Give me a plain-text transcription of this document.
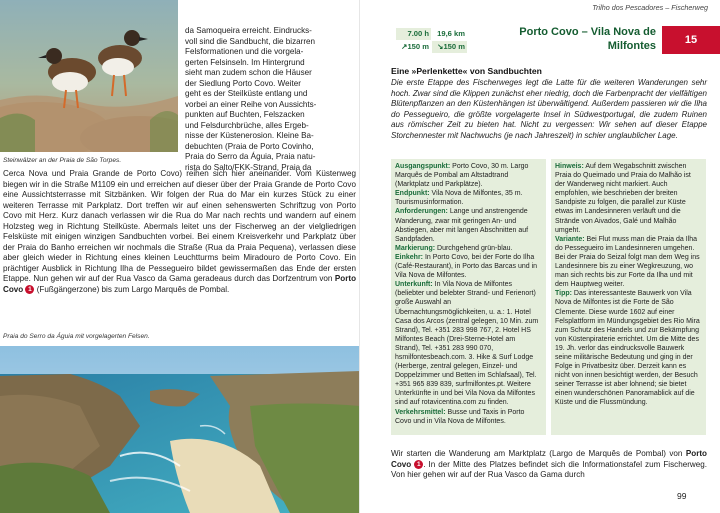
Steinwälzer an der Praia de São Torpes.

da Samoqueira erreicht. Eindrucks-

voll sind die Sandbucht, die bizarren

Felsformationen und die vorgela-

gerten Felsinseln. Im Hintergrund

sieht man zudem schon die Häuser

der Siedlung Porto Covo. Weiter

geht es der Steilküste entlang und

vorbei an einer Reihe von Aussichts-

punkten auf Buchten, Felszacken

und Felsdurchbrüche, alles Ergeb-

nisse der Küstenerosion. Kleine Ba-

debuchten (Praia de Porto Covinho,

Praia do Serro da Águia, Praia natu-

rista do Salto/FKK-Strand, Praia da

Cerca Nova und Praia Grande de Porto Covo) reihen sich hier aneinander. Vom Küstenweg biegen wir in die Straße M1109 ein und erreichen auf dieser über der Praia Grande de Porto Covo eine Aussichtsterrasse mit Sitzbänken. Wir folgen der Rua do Mar ein kurzes Stück zu einer weiteren Terrasse mit Parkplatz. Dort treffen wir auf einen sehenswerten Schriftzug von Porto Covo mit Herz. Kurz danach verlassen wir die Rua do Mar nach rechts und wandern auf einem Holzsteg weg in Richtung Steilküste. Abermals leitet uns der Fischerweg an der vielgliedrigen Felsküste mit einigen winzigen Sandbuchten vorbei. Bei einem Kreisverkehr und Parkplatz über der Praia do Banho erreichen wir nochmals die Straße (Rua da Praia Pequena), verlassen diese aber gleich wieder in Richtung eines kleinen Leuchtturms beim Miradouro de Porto Covo. Ein prächtiger Ausblick in Richtung Ilha de Pessegueiro bildet gewissermaßen das Ende der ersten Etappe. Nun gehen wir auf der Rua Vasco da Gama geradeaus durch das Dorfzentrum von Porto Covo 1 (Fußgängerzone) bis zum Largo Marquês de Pombal.
Praia do Serro da Águia mit vorgelagerten Felsen.
Trilho dos Pescadores – Fischerweg
7.00 h	19,6 km
↗150 m	↘150 m
Porto Covo – Vila Nova de
Milfontes	15
Eine »Perlenkette« von Sandbuchten
Die erste Etappe des Fischerweges legt die Latte für die weiteren Wanderungen sehr hoch. Zwar sind die Klippen zunächst eher niedrig, doch die Farbenpracht der vielfältigen Blütenpflanzen an den Küstenhängen ist überwältigend. Außerdem passieren wir die Ilha do Pessegueiro, die größte vorgelagerte Insel in Südwestportugal, die zudem Ruinen aus römischer Zeit zu bieten hat. Nicht zu vergessen: Wir sehen auf dieser Etappe Storchennester mit Nachwuchs (je nach Jahreszeit) in schier unglaublicher Lage.

Ausgangspunkt: Porto Covo, 30 m. Largo Marquês de Pombal am Altstadtrand (Marktplatz und Parkplätze).

Endpunkt: Vila Nova de Milfontes, 35 m. Tourismusinformation.

Anforderungen: Lange und anstrengende Wanderung, zwar mit geringen An- und Abstiegen, aber mit langen Abschnitten auf Sandpfaden.

Markierung: Durchgehend grün-blau.

Einkehr: In Porto Covo, bei der Forte do Ilha (Café-Restaurant), in Porto das Barcas und in Vila Nova de Milfontes.

Unterkunft: In Vila Nova de Milfontes (beliebter und belebter Strand- und Ferienort) große Auswahl an Übernachtungsmöglichkeiten, u. a.: 1. Hotel Casa dos Arcos (zentral gelegen, 10 Min. zum Strand), Tel. +351 283 998 767, 2. Hotel HS Milfontes Beach (Drei-Sterne-Hotel am Strand), Tel. +351 283 990 070, hsmilfontesbeach.com. 3. Hike & Surf Lodge (Herberge, zentral gelegen, Einzel- und Doppelzimmer und Betten im Schlafsaal), Tel. +351 965 839 839, surfmilfontes.pt. Weitere Unterkünfte in und bei Vila Nova da Milfontes sind auf rotavicentina.com zu finden.

Verkehrsmittel: Busse und Taxis in Porto Covo und in Vila Nova de Milfontes.

Hinweis: Auf dem Wegabschnitt zwischen Praia do Queimado und Praia do Malhão ist der Wanderweg nicht markiert. Auch empfohlen, wie beschrieben der breiten Sandpiste zu folgen, die parallel zur Küste etwas im Landesinneren verläuft und die Strände von Aivados, Galé und Malhão umgeht.

Variante: Bei Flut muss man die Praia da Ilha do Pessegueiro im Landesinneren umgehen. Bei der Praia do Seizal folgt man dem Weg ins Landesinnere bis zu einer Wegkreuzung, wo man sich rechts bis zur Forte da Ilha und mit dem Hauptweg weiter.

Tipp: Das interessanteste Bauwerk von Vila Nova de Milfontes ist die Forte de São Clemente. Diese wurde 1602 auf einer Felsplattform im Mündungsgebiet des Rio Mira zum Schutz des Handels und zur Bekämpfung von Küstenpiraterie errichtet. Um die Mitte des 19. Jh. verlor das eindrucksvolle Bauwerk seine militärische Bedeutung und ging in der Folge in Privatbesitz über. Derzeit kann es nicht von innen besichtigt werden, der Besuch seiner Terrasse ist aber lohnend; sie bietet einen wunderschönen Panoramablick auf die Küste und die Flussmündung.

Wir starten die Wanderung am Marktplatz (Largo de Marquês de Pombal) von Porto Covo 1 . In der Mitte des Platzes befindet sich die Informationstafel zum Fischerweg. Von hier gehen wir auf der Rua Vasco da Gama durch
99
